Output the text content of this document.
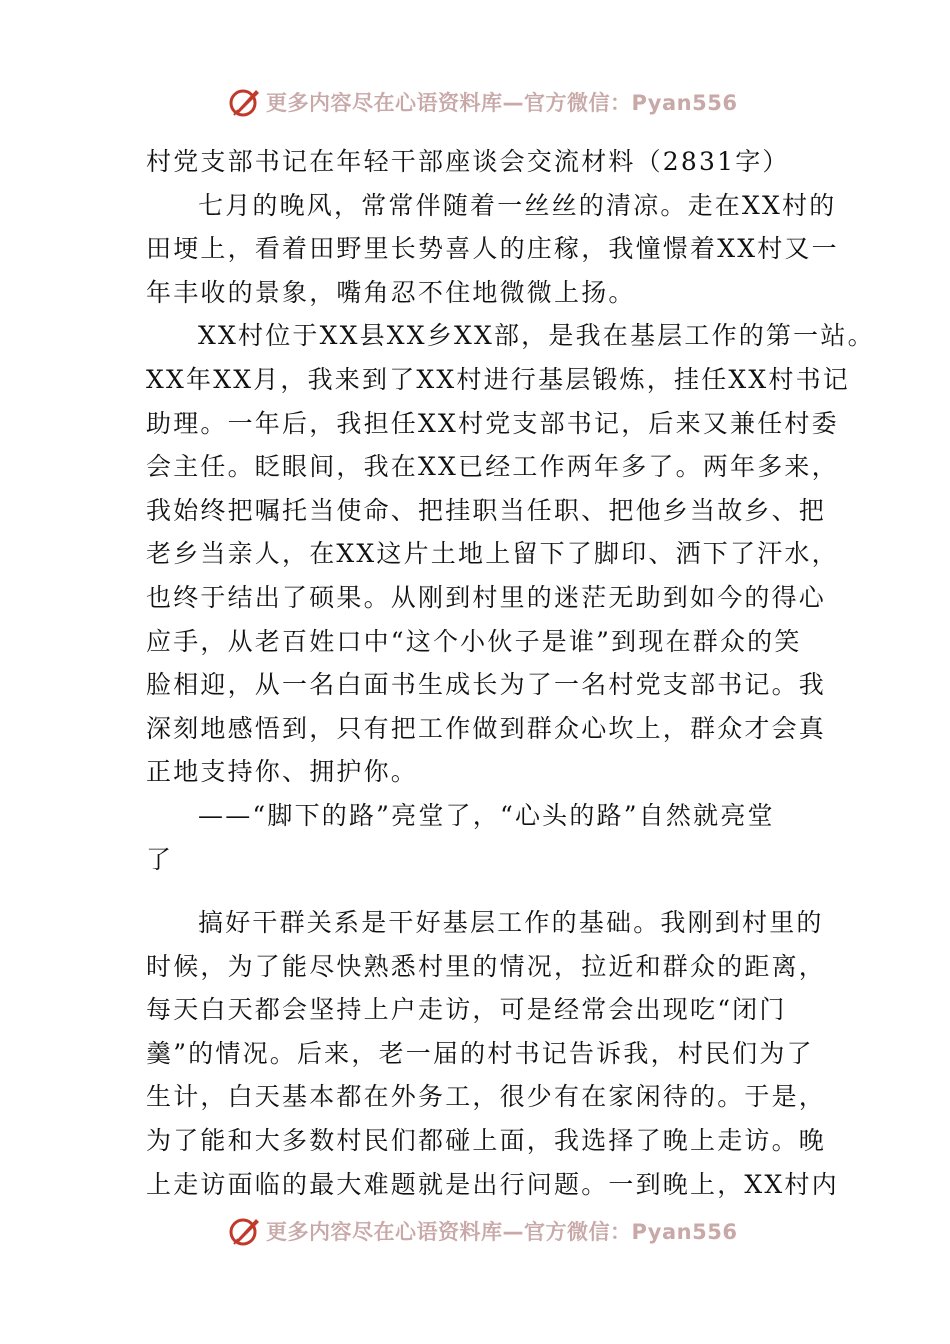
更多内容尽在心语资料库—官方微信：Pyan556
村党支部书记在年轻干部座谈会交流材料（2831字）
七月的晚风，常常伴随着一丝丝的清凉。走在XX村的
田埂上，看着田野里长势喜人的庄稼，我憧憬着XX村又一
年丰收的景象，嘴角忍不住地微微上扬。
XX村位于XX县XX乡XX部，是我在基层工作的第一站。
XX年XX月，我来到了XX村进行基层锻炼，挂任XX村书记
助理。一年后，我担任XX村党支部书记，后来又兼任村委
会主任。眨眼间，我在XX已经工作两年多了。两年多来，
我始终把嘱托当使命、把挂职当任职、把他乡当故乡、把
老乡当亲人，在XX这片土地上留下了脚印、洒下了汗水，
也终于结出了硕果。从刚到村里的迷茫无助到如今的得心
应手，从老百姓口中“这个小伙子是谁”到现在群众的笑
脸相迎，从一名白面书生成长为了一名村党支部书记。我
深刻地感悟到，只有把工作做到群众心坎上，群众才会真
正地支持你、拥护你。
——“脚下的路”亮堂了，“心头的路”自然就亮堂
了
搞好干群关系是干好基层工作的基础。我刚到村里的
时候，为了能尽快熟悉村里的情况，拉近和群众的距离，
每天白天都会坚持上户走访，可是经常会出现吃“闭门
羹”的情况。后来，老一届的村书记告诉我，村民们为了
生计，白天基本都在外务工，很少有在家闲待的。于是，
为了能和大多数村民们都碰上面，我选择了晚上走访。晚
上走访面临的最大难题就是出行问题。一到晚上，XX村内
更多内容尽在心语资料库—官方微信：Pyan556
